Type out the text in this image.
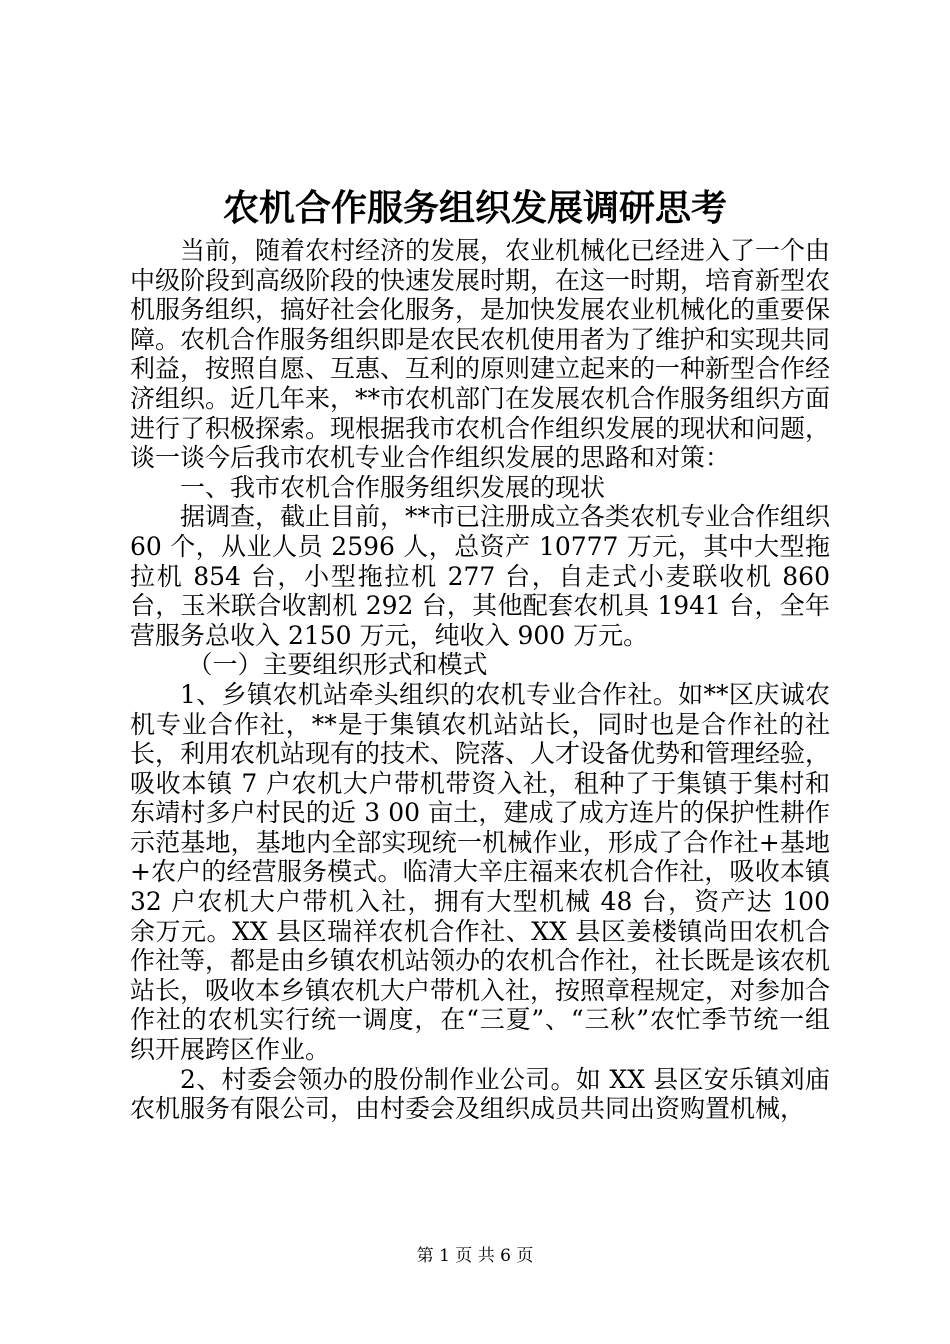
农机合作服务组织发展调研思考

当前，随着农村经济的发展，农业机械化已经进入了一个由中级阶段到高级阶段的快速发展时期，在这一时期，培育新型农机服务组织，搞好社会化服务，是加快发展农业机械化的重要保障。农机合作服务组织即是农民农机使用者为了维护和实现共同利益，按照自愿、互惠、互利的原则建立起来的一种新型合作经济组织。近几年来，**市农机部门在发展农机合作服务组织方面进行了积极探索。现根据我市农机合作组织发展的现状和问题，谈一谈今后我市农机专业合作组织发展的思路和对策：

一、我市农机合作服务组织发展的现状

据调查，截止目前，**市已注册成立各类农机专业合作组织 60 个，从业人员 2596 人，总资产 10777 万元，其中大型拖拉机 854 台，小型拖拉机 277 台，自走式小麦联收机 860 台，玉米联合收割机 292 台，其他配套农机具 1941 台，全年营服务总收入 2150 万元，纯收入 900 万元。

（一）主要组织形式和模式

1、乡镇农机站牵头组织的农机专业合作社。如**区庆诚农机专业合作社，**是于集镇农机站站长，同时也是合作社的社长，利用农机站现有的技术、院落、人才设备优势和管理经验，吸收本镇 7 户农机大户带机带资入社，租种了于集镇于集村和东靖村多户村民的近 3 00 亩土，建成了成方连片的保护性耕作示范基地，基地内全部实现统一机械作业，形成了合作社+基地+农户的经营服务模式。临清大辛庄福来农机合作社，吸收本镇 32 户农机大户带机入社，拥有大型机械 48 台，资产达 100 余万元。XX 县区瑞祥农机合作社、XX 县区姜楼镇尚田农机合作社等，都是由乡镇农机站领办的农机合作社，社长既是该农机站长，吸收本乡镇农机大户带机入社，按照章程规定，对参加合作社的农机实行统一调度，在“三夏”、“三秋”农忙季节统一组织开展跨区作业。

2、村委会领办的股份制作业公司。如 XX 县区安乐镇刘庙农机服务有限公司，由村委会及组织成员共同出资购置机械，

第 1 页 共 6 页
